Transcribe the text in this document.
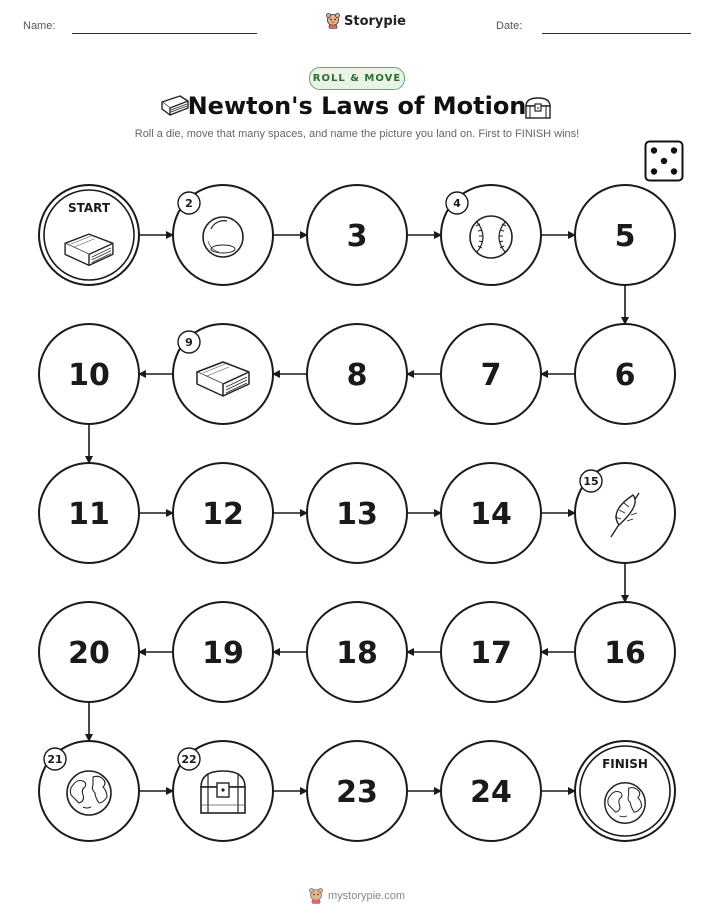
Name:	Storypie	Date:
ROLL & MOVE
Newton's Laws of Motion
Roll a die, move that many spaces, and name the picture you land on. First to FINISH wins!
START	2
3
4
5
6
7
8
9
10
11	12	13	14
15
16
17
18
19
20
21	22
23	24
FINISH
mystorypie.com
